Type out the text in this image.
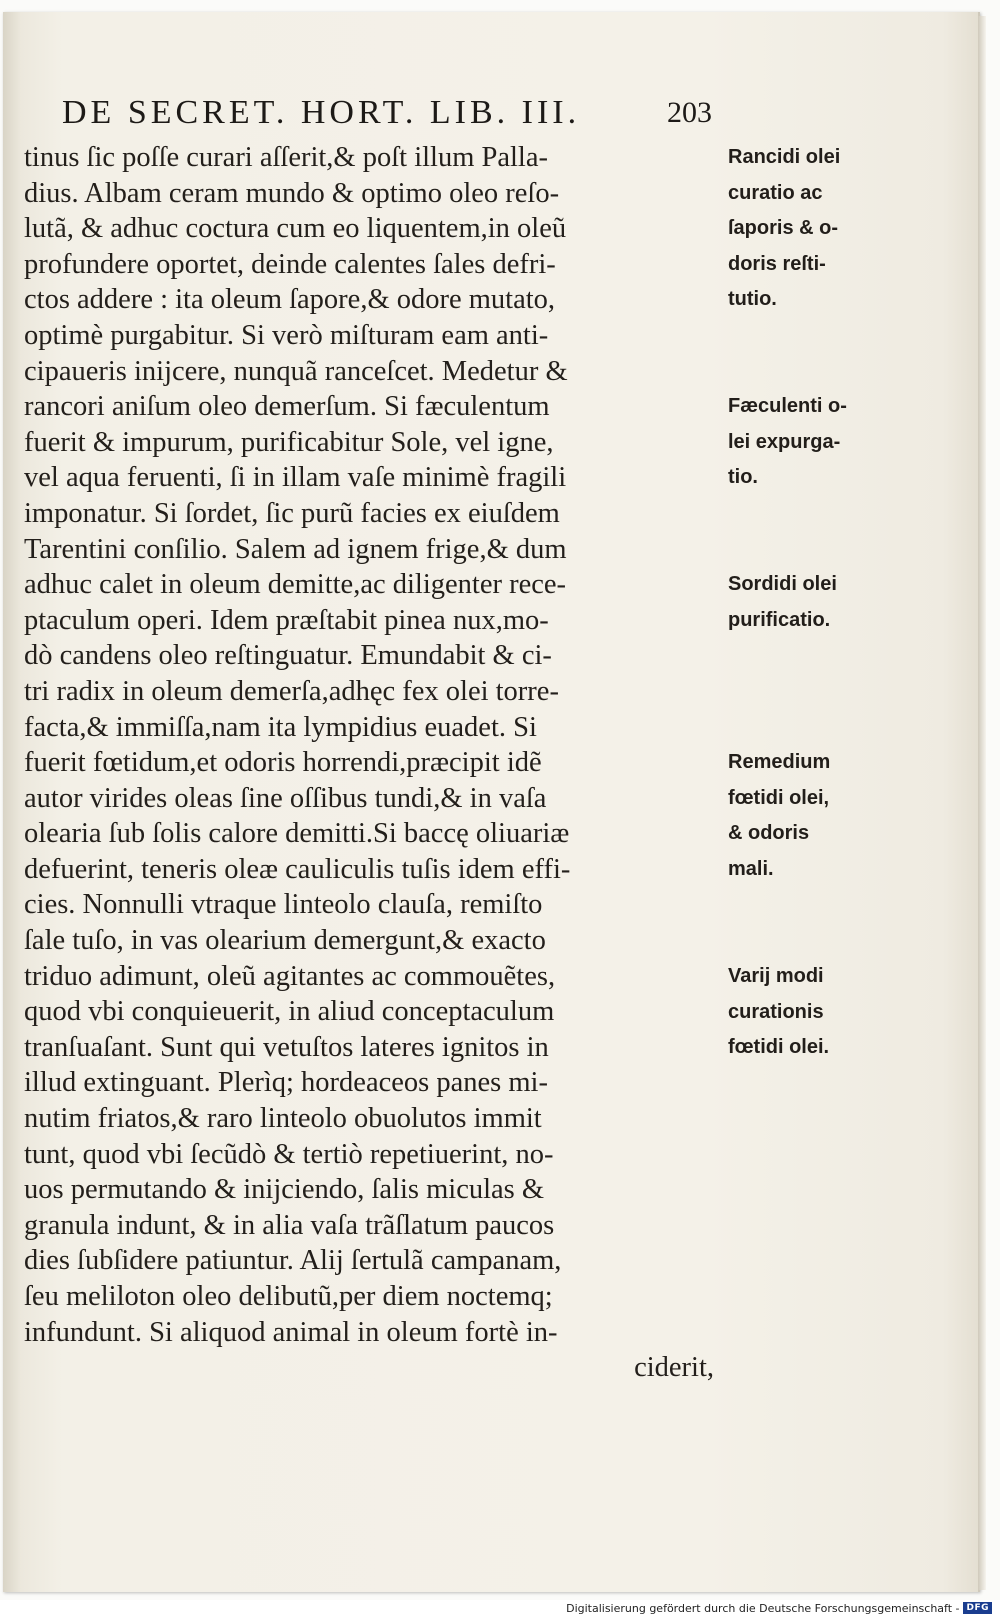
DE SECRET. HORT. LIB. III.	203
tinus ſic poſſe curari aſſerit,& poſt illum Palla-
dius. Albam ceram mundo & optimo oleo reſo-
lutã, & adhuc coctura cum eo liquentem,in oleũ
profundere oportet, deinde calentes ſales defri-
ctos addere : ita oleum ſapore,& odore mutato,
optimè purgabitur. Si verò miſturam eam anti-
cipaueris inijcere, nunquã ranceſcet. Medetur &
rancori aniſum oleo demerſum. Si fæculentum
fuerit & impurum, purificabitur Sole, vel igne,
vel aqua feruenti, ſi in illam vaſe minimè fragili
imponatur. Si ſordet, ſic purũ facies ex eiuſdem
Tarentini conſilio. Salem ad ignem frige,& dum
adhuc calet in oleum demitte,ac diligenter rece-
ptaculum operi. Idem præſtabit pinea nux,mo-
dò candens oleo reſtinguatur. Emundabit & ci-
tri radix in oleum demerſa,adhęc fex olei torre-
facta,& immiſſa,nam ita lympidius euadet. Si
fuerit fœtidum,et odoris horrendi,præcipit idẽ
autor virides oleas ſine oſſibus tundi,& in vaſa
olearia ſub ſolis calore demitti.Si baccę oliuariæ
defuerint, teneris oleæ cauliculis tuſis idem effi-
cies. Nonnulli vtraque linteolo clauſa, remiſto
ſale tuſo, in vas olearium demergunt,& exacto
triduo adimunt, oleũ agitantes ac commouẽtes,
quod vbi conquieuerit, in aliud conceptaculum
tranſuaſant. Sunt qui vetuſtos lateres ignitos in
illud extinguant. Plerìq; hordeaceos panes mi-
nutim friatos,& raro linteolo obuolutos immit
tunt, quod vbi ſecũdò & tertiò repetiuerint, no-
uos permutando & inijciendo, ſalis miculas &
granula indunt, & in alia vaſa trãſlatum paucos
dies ſubſidere patiuntur. Alij ſertulã campanam,
ſeu meliloton oleo delibutũ,per diem noctemq;
infundunt. Si aliquod animal in oleum fortè in-
ciderit,
Rancidi olei
curatio ac
ſaporis & o-
doris reſti-
tutio.
Fæculenti o-
lei expurga-
tio.
Sordidi olei
purificatio.
Remedium
fœtidi olei,
& odoris
mali.
Varij modi
curationis
fœtidi olei.
Digitalisierung gefördert durch die Deutsche Forschungsgemeinschaft - DFG
